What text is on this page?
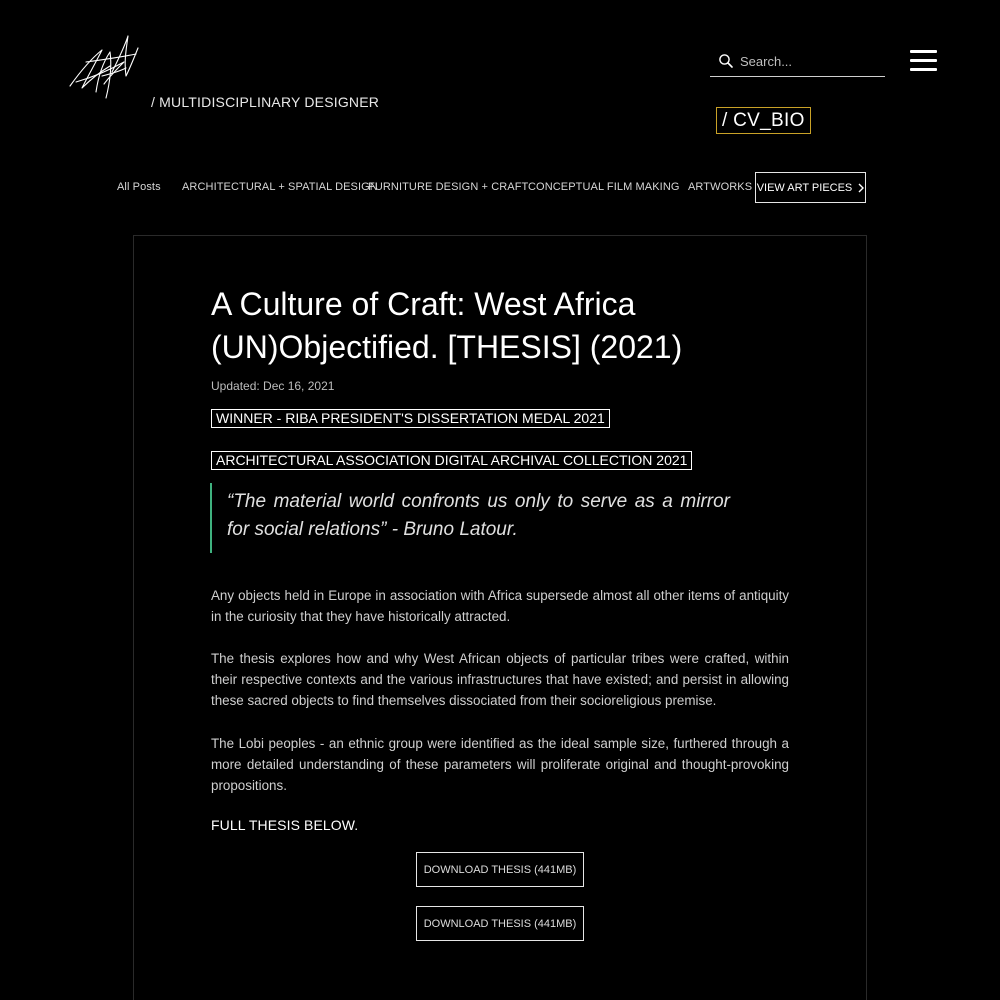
/ MULTIDISCIPLINARY DESIGNER
Search...
/ CV_BIO
All Posts ARCHITECTURAL + SPATIAL DESIGN
FURNITURE DESIGN + CRAFT CONCEPTUAL FILM MAKING ARTWORKS VIEW ART PIECES
A Culture of Craft: West Africa (UN)Objectified. [THESIS] (2021)
Updated: Dec 16, 2021
WINNER - RIBA PRESIDENT'S DISSERTATION MEDAL 2021
ARCHITECTURAL ASSOCIATION DIGITAL ARCHIVAL COLLECTION 2021
“The material world confronts us only to serve as a mirror for social relations” - Bruno Latour.

Any objects held in Europe in association with Africa supersede almost all other items of antiquity in the curiosity that they have historically attracted.

The thesis explores how and why West African objects of particular tribes were crafted, within their respective contexts and the various infrastructures that have existed; and persist in allowing these sacred objects to find themselves dissociated from their socioreligious premise.

The Lobi peoples - an ethnic group were identified as the ideal sample size, furthered through a more detailed understanding of these parameters will proliferate original and thought-provoking propositions.

FULL THESIS BELOW.
DOWNLOAD THESIS (441MB)
DOWNLOAD THESIS (441MB)
